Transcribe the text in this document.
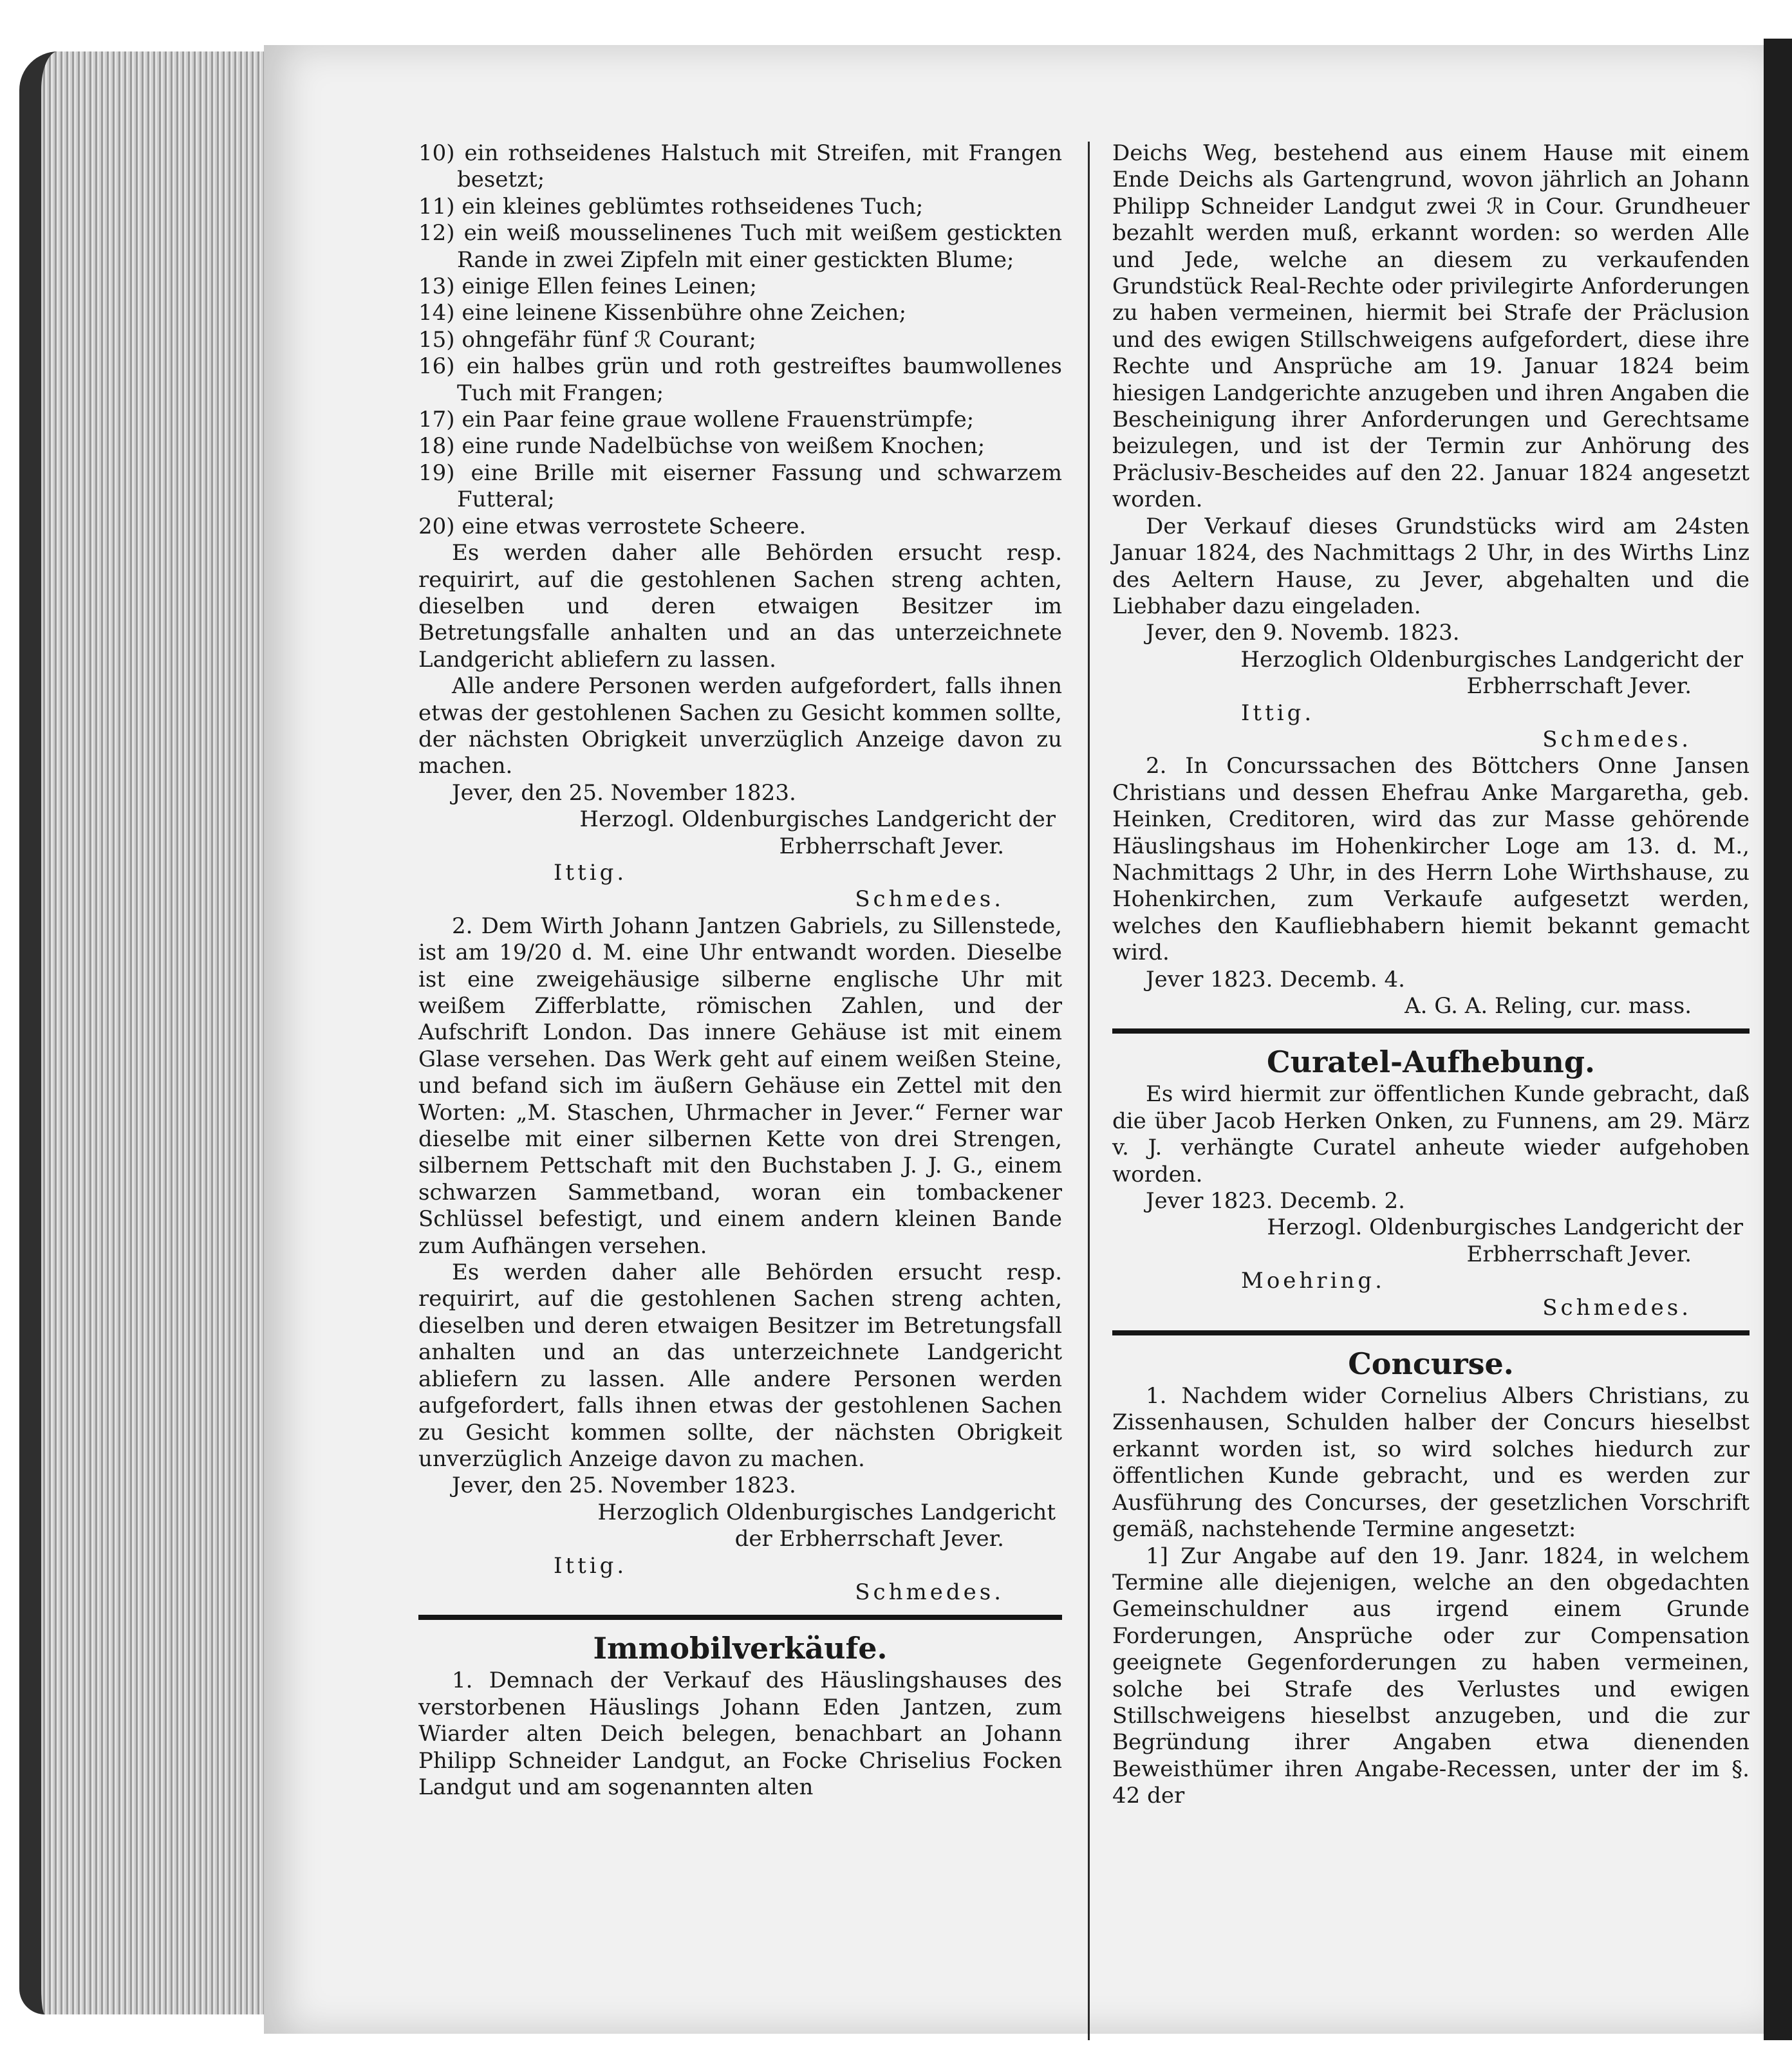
10) ein rothseidenes Halstuch mit Streifen, mit Frangen besetzt;

11) ein kleines geblümtes rothseidenes Tuch;

12) ein weiß mousselinenes Tuch mit weißem gestickten Rande in zwei Zipfeln mit einer gestickten Blume;

13) einige Ellen feines Leinen;

14) eine leinene Kissenbühre ohne Zeichen;

15) ohngefähr fünf ℛ Courant;

16) ein halbes grün und roth gestreiftes baumwollenes Tuch mit Frangen;

17) ein Paar feine graue wollene Frauenstrümpfe;

18) eine runde Nadelbüchse von weißem Knochen;

19) eine Brille mit eiserner Fassung und schwarzem Futteral;

20) eine etwas verrostete Scheere.

Es werden daher alle Behörden ersucht resp. requirirt, auf die gestohlenen Sachen streng achten, dieselben und deren etwaigen Besitzer im Betretungsfalle anhalten und an das unterzeichnete Landgericht abliefern zu lassen.

Alle andere Personen werden aufgefordert, falls ihnen etwas der gestohlenen Sachen zu Gesicht kommen sollte, der nächsten Obrigkeit unverzüglich Anzeige davon zu machen.

Jever, den 25. November 1823.

Herzogl. Oldenburgisches Landgericht der

Erbherrschaft Jever.

Ittig.

Schmedes.

2. Dem Wirth Johann Jantzen Gabriels, zu Sillenstede, ist am 19/20 d. M. eine Uhr entwandt worden. Dieselbe ist eine zweigehäusige silberne englische Uhr mit weißem Zifferblatte, römischen Zahlen, und der Aufschrift London. Das innere Gehäuse ist mit einem Glase versehen. Das Werk geht auf einem weißen Steine, und befand sich im äußern Gehäuse ein Zettel mit den Worten: „M. Staschen, Uhrmacher in Jever.“ Ferner war dieselbe mit einer silbernen Kette von drei Strengen, silbernem Pettschaft mit den Buchstaben J. J. G., einem schwarzen Sammetband, woran ein tombackener Schlüssel befestigt, und einem andern kleinen Bande zum Aufhängen versehen.

Es werden daher alle Behörden ersucht resp. requirirt, auf die gestohlenen Sachen streng achten, dieselben und deren etwaigen Besitzer im Betretungsfall anhalten und an das unterzeichnete Landgericht abliefern zu lassen. Alle andere Personen werden aufgefordert, falls ihnen etwas der gestohlenen Sachen zu Gesicht kommen sollte, der nächsten Obrigkeit unverzüglich Anzeige davon zu machen.

Jever, den 25. November 1823.

Herzoglich Oldenburgisches Landgericht

der Erbherrschaft Jever.

Ittig.

Schmedes.

Immobilverkäufe.

1. Demnach der Verkauf des Häuslingshauses des verstorbenen Häuslings Johann Eden Jantzen, zum Wiarder alten Deich belegen, benachbart an Johann Philipp Schneider Landgut, an Focke Chriselius Focken Landgut und am sogenannten alten

Deichs Weg, bestehend aus einem Hause mit einem Ende Deichs als Gartengrund, wovon jährlich an Johann Philipp Schneider Landgut zwei ℛ in Cour. Grundheuer bezahlt werden muß, erkannt worden: so werden Alle und Jede, welche an diesem zu verkaufenden Grundstück Real-Rechte oder privilegirte Anforderungen zu haben vermeinen, hiermit bei Strafe der Präclusion und des ewigen Stillschweigens aufgefordert, diese ihre Rechte und Ansprüche am 19. Januar 1824 beim hiesigen Landgerichte anzugeben und ihren Angaben die Bescheinigung ihrer Anforderungen und Gerechtsame beizulegen, und ist der Termin zur Anhörung des Präclusiv-Bescheides auf den 22. Januar 1824 angesetzt worden.

Der Verkauf dieses Grundstücks wird am 24sten Januar 1824, des Nachmittags 2 Uhr, in des Wirths Linz des Aeltern Hause, zu Jever, abgehalten und die Liebhaber dazu eingeladen.

Jever, den 9. Novemb. 1823.

Herzoglich Oldenburgisches Landgericht der

Erbherrschaft Jever.

Ittig.

Schmedes.

2. In Concurssachen des Böttchers Onne Jansen Christians und dessen Ehefrau Anke Margaretha, geb. Heinken, Creditoren, wird das zur Masse gehörende Häuslingshaus im Hohenkircher Loge am 13. d. M., Nachmittags 2 Uhr, in des Herrn Lohe Wirthshause, zu Hohenkirchen, zum Verkaufe aufgesetzt werden, welches den Kaufliebhabern hiemit bekannt gemacht wird.

Jever 1823. Decemb. 4.

A. G. A. Reling, cur. mass.

Curatel-Aufhebung.

Es wird hiermit zur öffentlichen Kunde gebracht, daß die über Jacob Herken Onken, zu Funnens, am 29. März v. J. verhängte Curatel anheute wieder aufgehoben worden.

Jever 1823. Decemb. 2.

Herzogl. Oldenburgisches Landgericht der

Erbherrschaft Jever.

Moehring.

Schmedes.

Concurse.

1. Nachdem wider Cornelius Albers Christians, zu Zissenhausen, Schulden halber der Concurs hieselbst erkannt worden ist, so wird solches hiedurch zur öffentlichen Kunde gebracht, und es werden zur Ausführung des Concurses, der gesetzlichen Vorschrift gemäß, nachstehende Termine angesetzt:

1] Zur Angabe auf den 19. Janr. 1824, in welchem Termine alle diejenigen, welche an den obgedachten Gemeinschuldner aus irgend einem Grunde Forderungen, Ansprüche oder zur Compensation geeignete Gegenforderungen zu haben vermeinen, solche bei Strafe des Verlustes und ewigen Stillschweigens hieselbst anzugeben, und die zur Begründung ihrer Angaben etwa dienenden Beweisthümer ihren Angabe-Recessen, unter der im §. 42 der
